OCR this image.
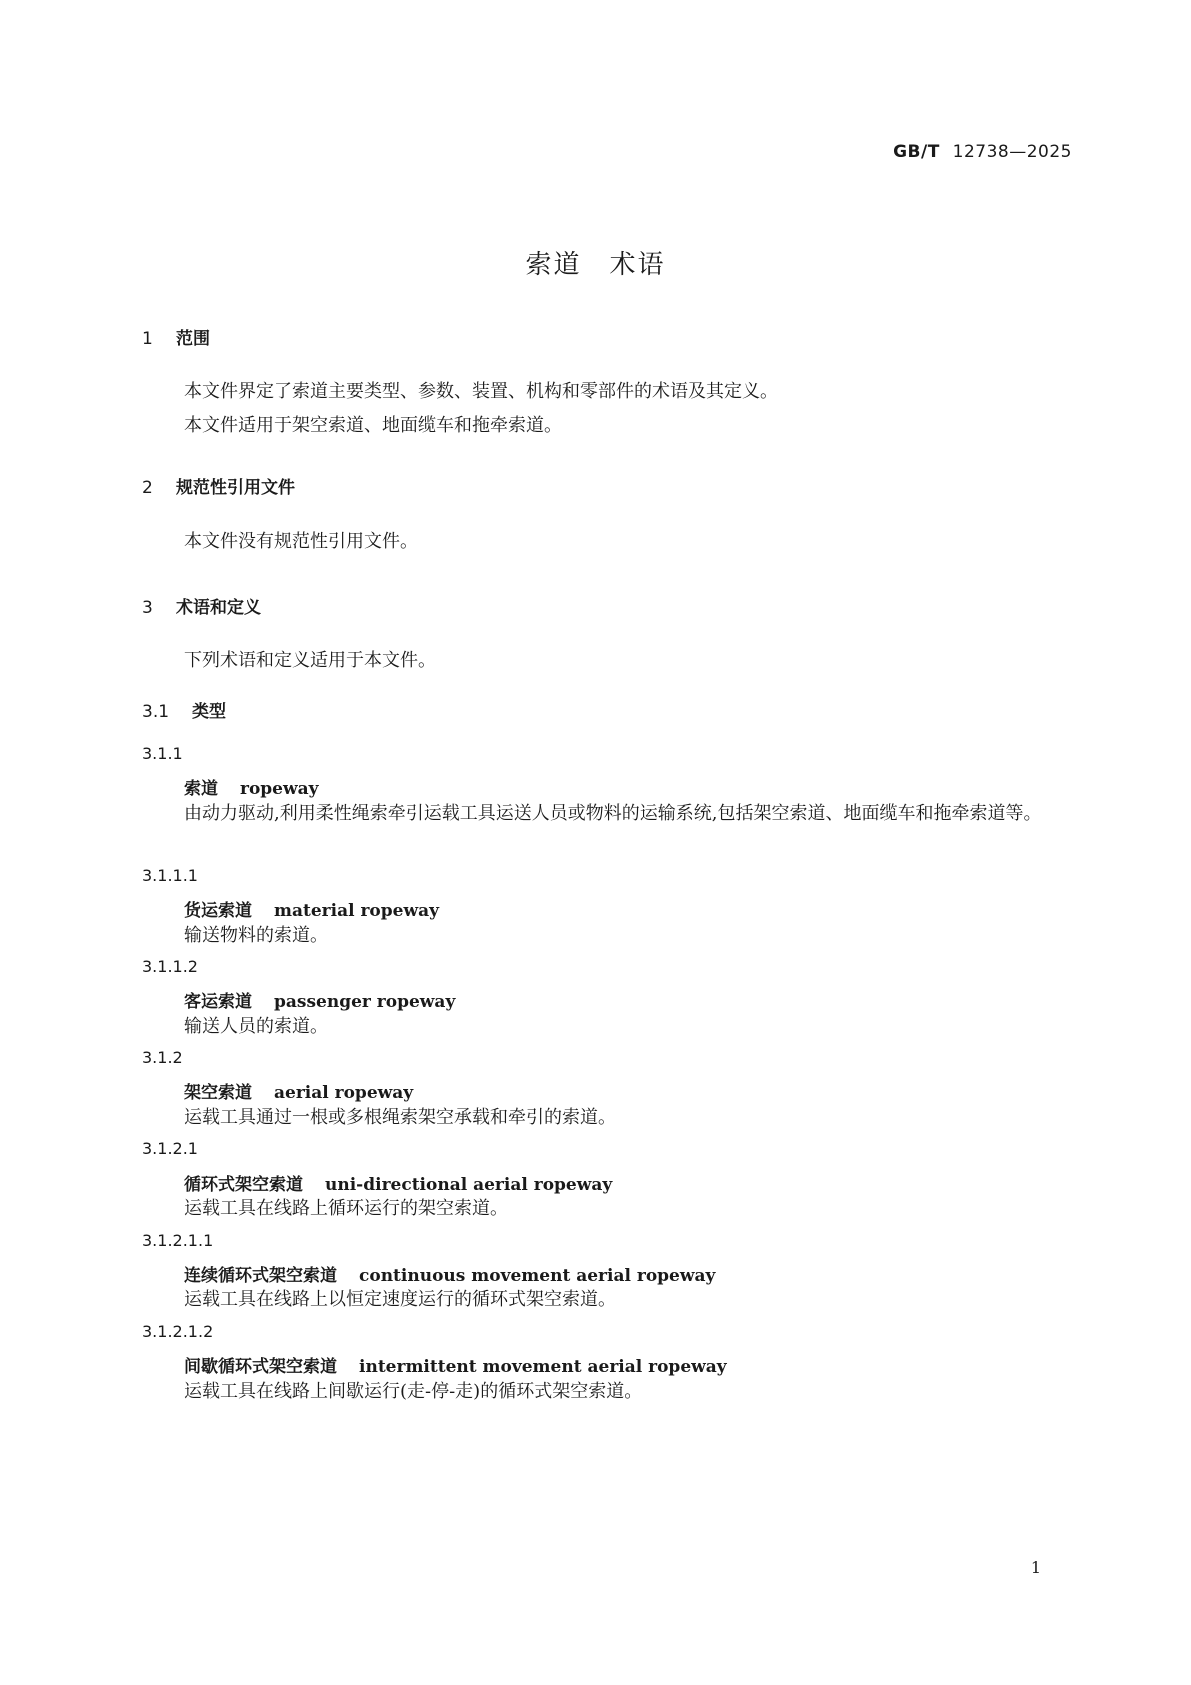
GB/T 12738—2025
索道　术语
1 范围
本文件界定了索道主要类型、参数、装置、机构和零部件的术语及其定义。
本文件适用于架空索道、地面缆车和拖牵索道。
2 规范性引用文件
本文件没有规范性引用文件。
3 术语和定义
下列术语和定义适用于本文件。
3.1 类型
3.1.1
索道 ropeway
由动力驱动,利用柔性绳索牵引运载工具运送人员或物料的运输系统,包括架空索道、地面缆车和拖牵索道等。
3.1.1.1
货运索道 material ropeway
输送物料的索道。
3.1.1.2
客运索道 passenger ropeway
输送人员的索道。
3.1.2
架空索道 aerial ropeway
运载工具通过一根或多根绳索架空承载和牵引的索道。
3.1.2.1
循环式架空索道 uni-directional aerial ropeway
运载工具在线路上循环运行的架空索道。
3.1.2.1.1
连续循环式架空索道 continuous movement aerial ropeway
运载工具在线路上以恒定速度运行的循环式架空索道。
3.1.2.1.2
间歇循环式架空索道 intermittent movement aerial ropeway
运载工具在线路上间歇运行(走-停-走)的循环式架空索道。
1
